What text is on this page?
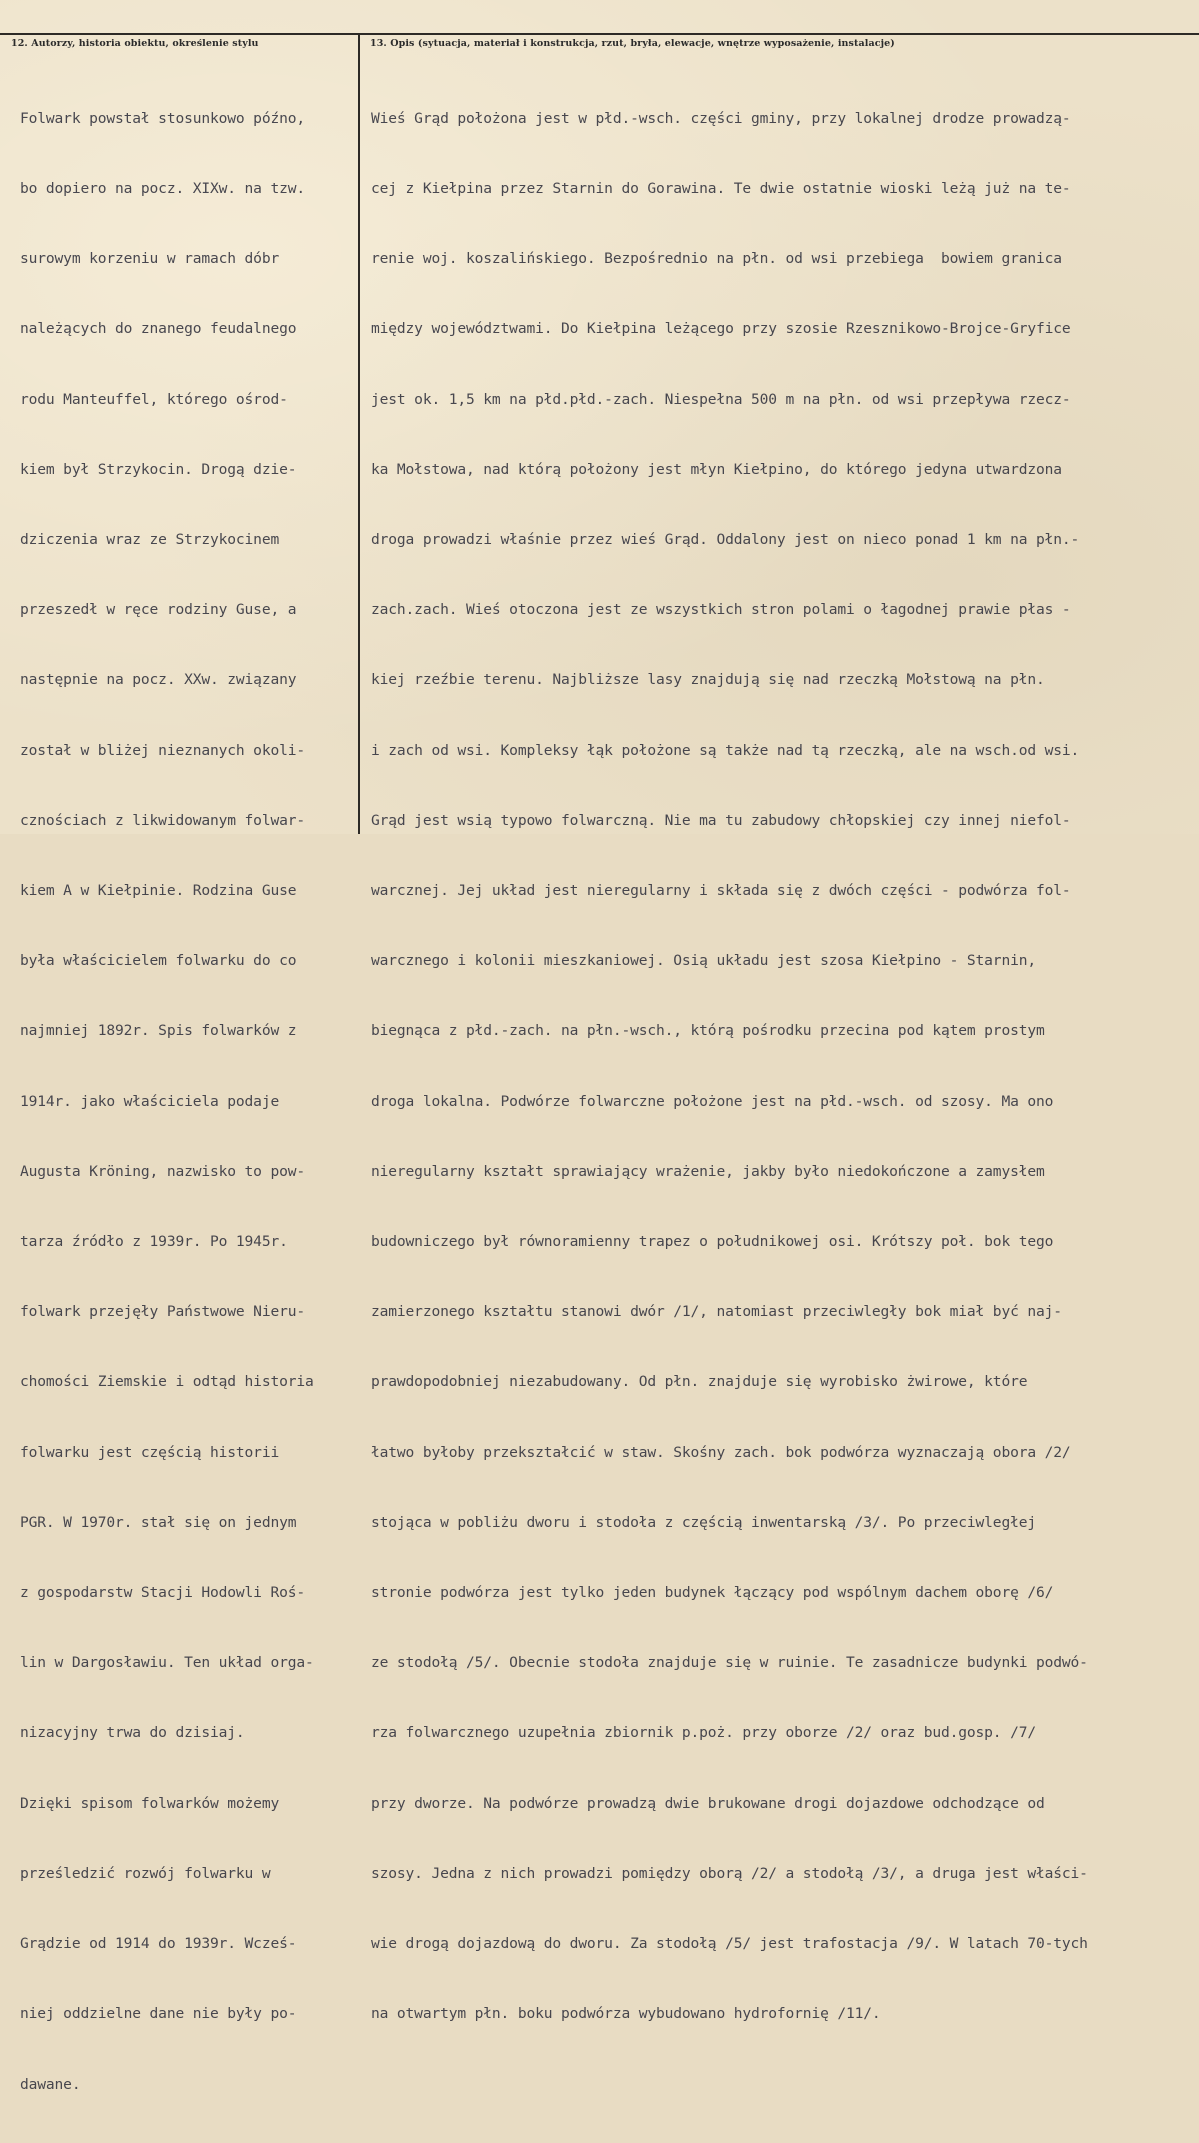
12. Autorzy, historia obiektu, określenie stylu	13. Opis (sytuacja, materiał i konstrukcja, rzut, bryła, elewacje, wnętrze wyposażenie, instalacje)

Folwark powstał stosunkowo późno,

bo dopiero na pocz. XIXw. na tzw.

surowym korzeniu w ramach dóbr

należących do znanego feudalnego

rodu Manteuffel, którego ośrod-

kiem był Strzykocin. Drogą dzie-

dziczenia wraz ze Strzykocinem

przeszedł w ręce rodziny Guse, a

następnie na pocz. XXw. związany

został w bliżej nieznanych okoli-

cznościach z likwidowanym folwar-

kiem A w Kiełpinie. Rodzina Guse

była właścicielem folwarku do co

najmniej 1892r. Spis folwarków z

1914r. jako właściciela podaje

Augusta Kröning, nazwisko to pow-

tarza źródło z 1939r. Po 1945r.

folwark przejęły Państwowe Nieru-

chomości Ziemskie i odtąd historia

folwarku jest częścią historii

PGR. W 1970r. stał się on jednym

z gospodarstw Stacji Hodowli Roś-

lin w Dargosławiu. Ten układ orga-

nizacyjny trwa do dzisiaj.

Dzięki spisom folwarków możemy

prześledzić rozwój folwarku w

Grądzie od 1914 do 1939r. Wcześ-

niej oddzielne dane nie były po-

dawane.

Wieś Grąd położona jest w płd.-wsch. części gminy, przy lokalnej drodze prowadzą-

cej z Kiełpina przez Starnin do Gorawina. Te dwie ostatnie wioski leżą już na te-

renie woj. koszalińskiego. Bezpośrednio na płn. od wsi przebiega  bowiem granica

między województwami. Do Kiełpina leżącego przy szosie Rzesznikowo-Brojce-Gryfice

jest ok. 1,5 km na płd.płd.-zach. Niespełna 500 m na płn. od wsi przepływa rzecz-

ka Mołstowa, nad którą położony jest młyn Kiełpino, do którego jedyna utwardzona

droga prowadzi właśnie przez wieś Grąd. Oddalony jest on nieco ponad 1 km na płn.-

zach.zach. Wieś otoczona jest ze wszystkich stron polami o łagodnej prawie płas -

kiej rzeźbie terenu. Najbliższe lasy znajdują się nad rzeczką Mołstową na płn.

i zach od wsi. Kompleksy łąk położone są także nad tą rzeczką, ale na wsch.od wsi.

Grąd jest wsią typowo folwarczną. Nie ma tu zabudowy chłopskiej czy innej niefol-

warcznej. Jej układ jest nieregularny i składa się z dwóch części - podwórza fol-

warcznego i kolonii mieszkaniowej. Osią układu jest szosa Kiełpino - Starnin,

biegnąca z płd.-zach. na płn.-wsch., którą pośrodku przecina pod kątem prostym

droga lokalna. Podwórze folwarczne położone jest na płd.-wsch. od szosy. Ma ono

nieregularny kształt sprawiający wrażenie, jakby było niedokończone a zamysłem

budowniczego był równoramienny trapez o południkowej osi. Krótszy poł. bok tego

zamierzonego kształtu stanowi dwór /1/, natomiast przeciwległy bok miał być naj-

prawdopodobniej niezabudowany. Od płn. znajduje się wyrobisko żwirowe, które

łatwo byłoby przekształcić w staw. Skośny zach. bok podwórza wyznaczają obora /2/

stojąca w pobliżu dworu i stodoła z częścią inwentarską /3/. Po przeciwległej

stronie podwórza jest tylko jeden budynek łączący pod wspólnym dachem oborę /6/

ze stodołą /5/. Obecnie stodoła znajduje się w ruinie. Te zasadnicze budynki podwó-

rza folwarcznego uzupełnia zbiornik p.poż. przy oborze /2/ oraz bud.gosp. /7/

przy dworze. Na podwórze prowadzą dwie brukowane drogi dojazdowe odchodzące od

szosy. Jedna z nich prowadzi pomiędzy oborą /2/ a stodołą /3/, a druga jest właści-

wie drogą dojazdową do dworu. Za stodołą /5/ jest trafostacja /9/. W latach 70-tych

na otwartym płn. boku podwórza wybudowano hydrofornię /11/.
